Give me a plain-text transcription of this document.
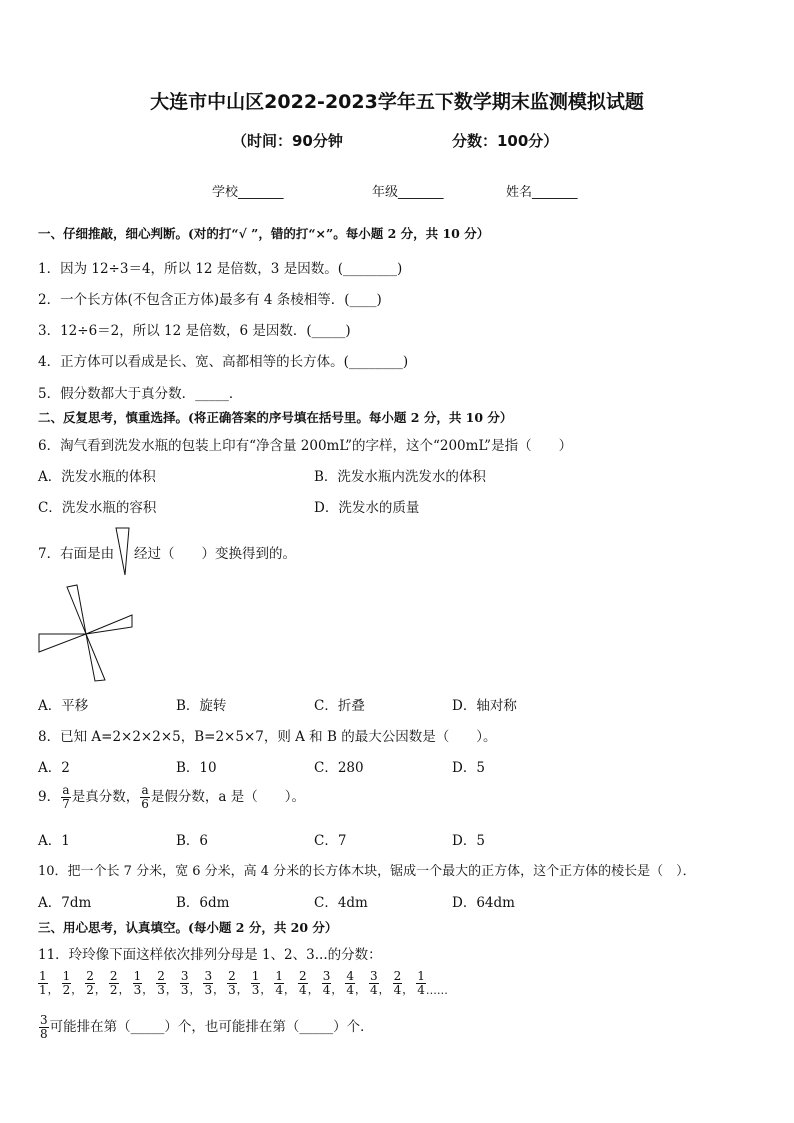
大连市中山区2022-2023学年五下数学期末监测模拟试题
（时间：90分钟	分数：100分）
学校_______	年级_______	姓名_______
一、仔细推敲，细心判断。(对的打“√ ”，错的打“×”。每小题 2 分，共 10 分）
1．因为 12÷3＝4，所以 12 是倍数，3 是因数。(________)
2．一个长方体(不包含正方体)最多有 4 条棱相等．(____)
3．12÷6＝2，所以 12 是倍数，6 是因数．(_____)
4．正方体可以看成是长、宽、高都相等的长方体。(________)
5．假分数都大于真分数．_____．
二、反复思考，慎重选择。(将正确答案的序号填在括号里。每小题 2 分，共 10 分）
6．淘气看到洗发水瓶的包装上印有“净含量 200mL”的字样，这个“200mL”是指（　　）
A．洗发水瓶的体积	B．洗发水瓶内洗发水的体积
C．洗发水瓶的容积	D．洗发水的质量
7．右面是由 经过（　　）变换得到的。
A．平移	B．旋转	C．折叠	D．轴对称
8．已知 A=2×2×2×5，B=2×5×7，则 A 和 B 的最大公因数是（　　）。
A．2	B．10	C．280	D．5
9． $\frac{a}{7}$ 是真分数， $\frac{a}{6}$ 是假分数，a 是（　　）。
A．1	B．6	C．7	D．5
10．把一个长 7 分米，宽 6 分米，高 4 分米的长方体木块，锯成一个最大的正方体，这个正方体的棱长是（　）．
A．7dm	B．6dm	C．4dm	D．64dm
三、用心思考，认真填空。(每小题 2 分，共 20 分）
11．玲玲像下面这样依次排列分母是 1、2、3...的分数：
$\frac{1}{1}$ ， $\frac{1}{2}$ ， $\frac{2}{2}$ ， $\frac{2}{2}$ ， $\frac{1}{3}$ ， $\frac{2}{3}$ ， $\frac{3}{3}$ ， $\frac{3}{3}$ ， $\frac{2}{3}$ ， $\frac{1}{3}$ ， $\frac{1}{4}$ ， $\frac{2}{4}$ ， $\frac{3}{4}$ ， $\frac{4}{4}$ ， $\frac{3}{4}$ ， $\frac{2}{4}$ ， $\frac{1}{4}$ ……
$\frac{3}{8}$ 可能排在第（_____）个，也可能排在第（_____）个．
